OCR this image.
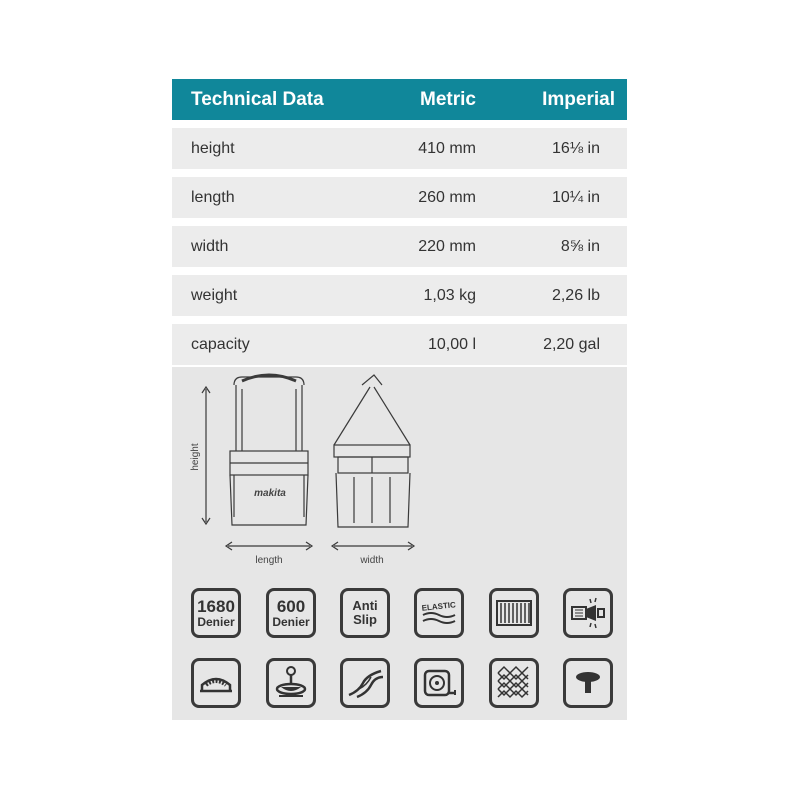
Technical Data	Metric	Imperial
height	410 mm	16⅛ in
length	260 mm	10¼ in
width	220 mm	8⅝ in
weight	1,03 kg	2,26 lb
capacity	10,00 l	2,20 gal
makita
height
length	width
1680
Denier
600
Denier
Anti
Slip
ELASTIC
